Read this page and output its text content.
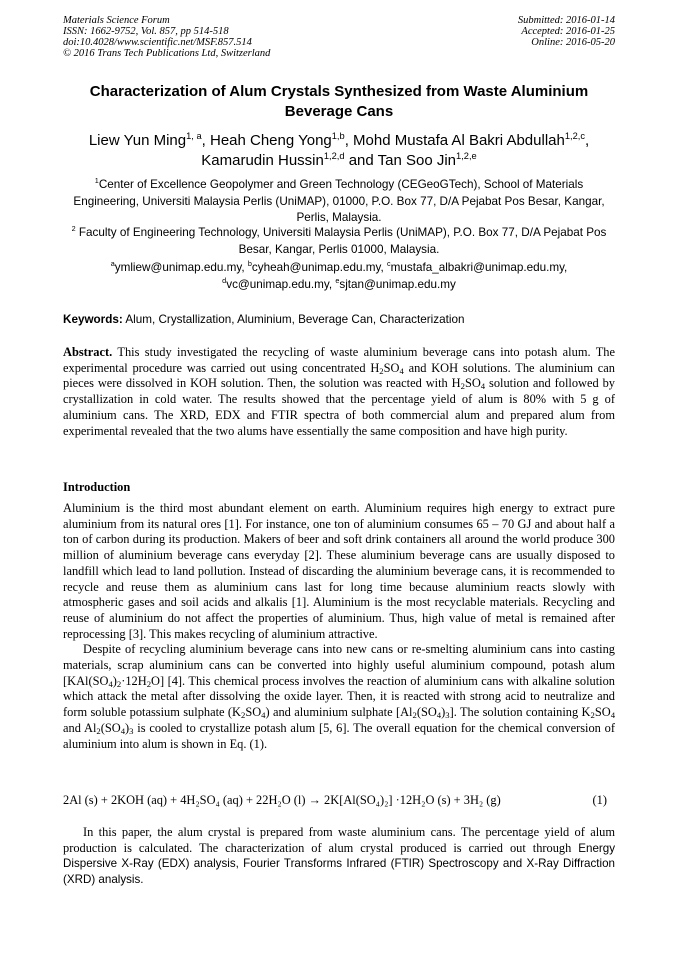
Materials Science Forum
ISSN: 1662-9752, Vol. 857, pp 514-518
doi:10.4028/www.scientific.net/MSF.857.514
© 2016 Trans Tech Publications Ltd, Switzerland
Submitted: 2016-01-14
Accepted: 2016-01-25
Online: 2016-05-20
Characterization of Alum Crystals Synthesized from Waste Aluminium Beverage Cans
Liew Yun Ming$^{1, a}$, Heah Cheng Yong$^{1,b}$, Mohd Mustafa Al Bakri Abdullah$^{1,2,c}$, Kamarudin Hussin$^{1,2,d}$ and Tan Soo Jin$^{1,2,e}$
$^1$Center of Excellence Geopolymer and Green Technology (CEGeoGTech), School of Materials Engineering, Universiti Malaysia Perlis (UniMAP), 01000, P.O. Box 77, D/A Pejabat Pos Besar, Kangar, Perlis, Malaysia.
$^2$ Faculty of Engineering Technology, Universiti Malaysia Perlis (UniMAP), P.O. Box 77, D/A Pejabat Pos Besar, Kangar, Perlis 01000, Malaysia.
$^a$ymliew@unimap.edu.my, $^b$cyheah@unimap.edu.my, $^c$mustafa_albakri@unimap.edu.my,
$^d$vc@unimap.edu.my, $^e$sjtan@unimap.edu.my
Keywords: Alum, Crystallization, Aluminium, Beverage Can, Characterization

Abstract. This study investigated the recycling of waste aluminium beverage cans into potash alum. The experimental procedure was carried out using concentrated $H_2SO_4$ and KOH solutions. The aluminium can pieces were dissolved in KOH solution. Then, the solution was reacted with $H_2SO_4$ solution and followed by crystallization in cold water. The results showed that the percentage yield of alum is 80% with 5 g of aluminium cans. The XRD, EDX and FTIR spectra of both commercial alum and prepared alum from experimental revealed that the two alums have essentially the same composition and have high purity.

Introduction

Aluminium is the third most abundant element on earth. Aluminium requires high energy to extract pure aluminium from its natural ores [1]. For instance, one ton of aluminium consumes 65 – 70 GJ and about half a ton of carbon during its production. Makers of beer and soft drink containers all around the world produce 300 million of aluminium beverage cans everyday [2]. These aluminium beverage cans are usually disposed to landfill which lead to land pollution. Instead of discarding the aluminium beverage cans, it is recommended to recycle and reuse them as aluminium cans last for long time because aluminium reacts slowly with atmospheric gases and soil acids and alkalis [1]. Aluminium is the most recyclable materials. Recycling and reuse of aluminium do not affect the properties of aluminium. Thus, high value of metal is remained after reprocessing [3]. This makes recycling of aluminium attractive.

Despite of recycling aluminium beverage cans into new cans or re-smelting aluminium cans into casting materials, scrap aluminium cans can be converted into highly useful aluminium compound, potash alum $[KAl(SO_4)_2\cdot 12H_2O]$ [4]. This chemical process involves the reaction of aluminium cans with alkaline solution which attack the metal after dissolving the oxide layer. Then, it is reacted with strong acid to neutralize and form soluble potassium sulphate $(K_2SO_4)$ and aluminium sulphate $[Al_2(SO_4)_3]$. The solution containing $K_2SO_4$ and $Al_2(SO_4)_3$ is cooled to crystallize potash alum [5, 6]. The overall equation for the chemical conversion of aluminium into alum is shown in Eq. (1).

2Al (s) + 2KOH (aq) + 4H₂SO₄ (aq) + 22H₂O (l) → 2K[Al(SO₄)₂] ·12H₂O (s) + 3H₂ (g)	(1)

In this paper, the alum crystal is prepared from waste aluminium cans. The percentage yield of alum production is calculated. The characterization of alum crystal produced is carried out through Energy Dispersive X-Ray (EDX) analysis, Fourier Transforms Infrared (FTIR) Spectroscopy and X-Ray Diffraction (XRD) analysis.
